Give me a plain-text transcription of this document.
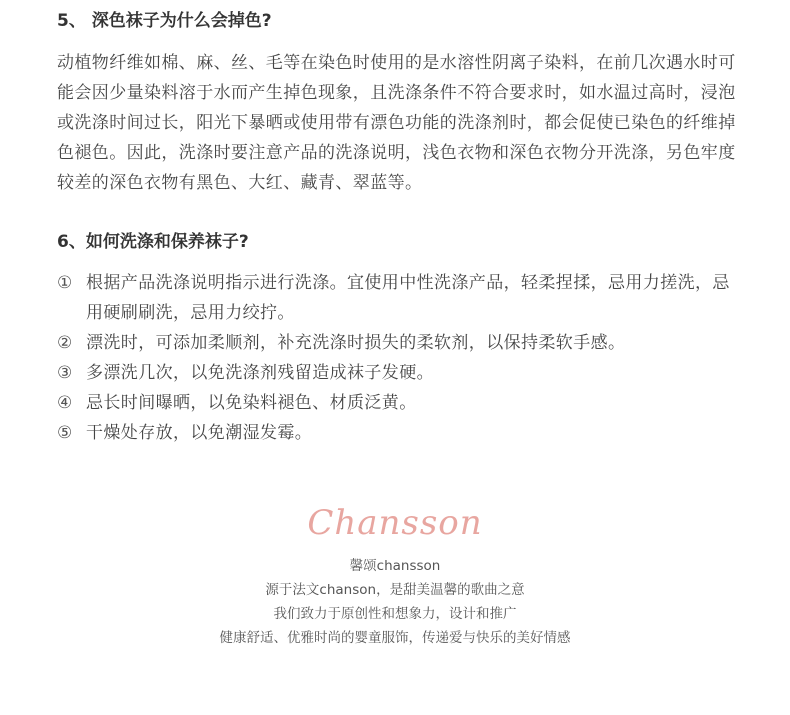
5、 深色袜子为什么会掉色?

动植物纤维如棉、麻、丝、毛等在染色时使用的是水溶性阴离子染料，在前几次遇水时可能会因少量染料溶于水而产生掉色现象，且洗涤条件不符合要求时，如水温过高时，浸泡或洗涤时间过长，阳光下暴晒或使用带有漂色功能的洗涤剂时，都会促使已染色的纤维掉色褪色。因此，洗涤时要注意产品的洗涤说明，浅色衣物和深色衣物分开洗涤，另色牢度较差的深色衣物有黑色、大红、藏青、翠蓝等。

6、如何洗涤和保养袜子?
① 根据产品洗涤说明指示进行洗涤。宜使用中性洗涤产品，轻柔捏揉，忌用力搓洗，忌用硬刷刷洗，忌用力绞拧。
② 漂洗时，可添加柔顺剂，补充洗涤时损失的柔软剂，以保持柔软手感。
③ 多漂洗几次，以免洗涤剂残留造成袜子发硬。
④ 忌长时间曝晒，以免染料褪色、材质泛黄。
⑤ 干燥处存放，以免潮湿发霉。
Chansson
馨颂chansson
源于法文chanson，是甜美温馨的歌曲之意
我们致力于原创性和想象力，设计和推广
健康舒适、优雅时尚的婴童服饰，传递爱与快乐的美好情感
